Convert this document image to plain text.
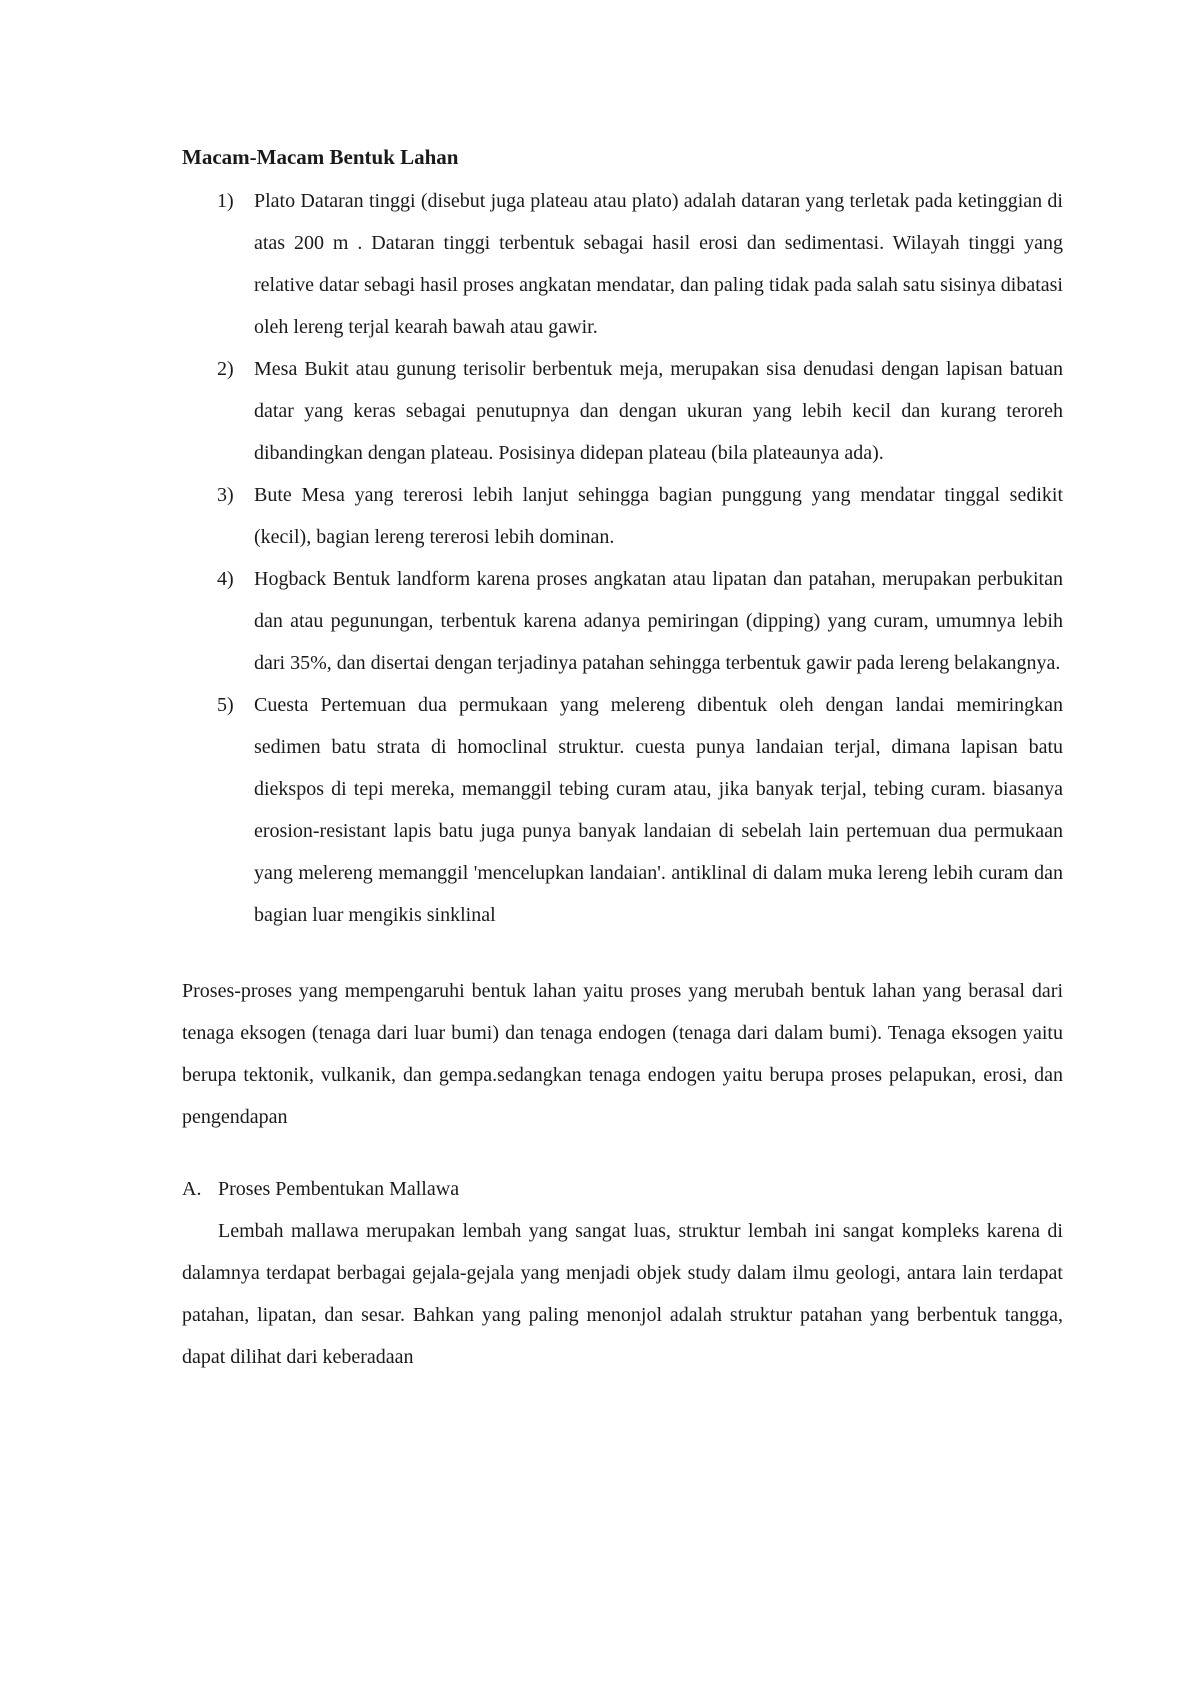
Macam-Macam Bentuk Lahan
1)	Plato Dataran tinggi (disebut juga plateau atau plato) adalah dataran yang terletak pada ketinggian di atas 200 m . Dataran tinggi terbentuk sebagai hasil erosi dan sedimentasi. Wilayah tinggi yang relative datar sebagi hasil proses angkatan mendatar, dan paling tidak pada salah satu sisinya dibatasi oleh lereng terjal kearah bawah atau gawir.
2)	Mesa Bukit atau gunung terisolir berbentuk meja, merupakan sisa denudasi dengan lapisan batuan datar yang keras sebagai penutupnya dan dengan ukuran yang lebih kecil dan kurang teroreh dibandingkan dengan plateau. Posisinya didepan plateau (bila plateaunya ada).
3)	Bute Mesa yang tererosi lebih lanjut sehingga bagian punggung yang mendatar tinggal sedikit (kecil), bagian lereng tererosi lebih dominan.
4)	Hogback Bentuk landform karena proses angkatan atau lipatan dan patahan, merupakan perbukitan dan atau pegunungan, terbentuk karena adanya pemiringan (dipping) yang curam, umumnya lebih dari 35%, dan disertai dengan terjadinya patahan sehingga terbentuk gawir pada lereng belakangnya.
5)	Cuesta Pertemuan dua permukaan yang melereng dibentuk oleh dengan landai memiringkan sedimen batu strata di homoclinal struktur. cuesta punya landaian terjal, dimana lapisan batu diekspos di tepi mereka, memanggil tebing curam atau, jika banyak terjal, tebing curam. biasanya erosion-resistant lapis batu juga punya banyak landaian di sebelah lain pertemuan dua permukaan yang melereng memanggil 'mencelupkan landaian'. antiklinal di dalam muka lereng lebih curam dan bagian luar mengikis sinklinal

Proses-proses yang mempengaruhi bentuk lahan yaitu proses yang merubah bentuk lahan yang berasal dari tenaga eksogen (tenaga dari luar bumi) dan tenaga endogen (tenaga dari dalam bumi). Tenaga eksogen yaitu berupa tektonik, vulkanik, dan gempa.sedangkan tenaga endogen yaitu berupa proses pelapukan, erosi, dan pengendapan

A. Proses Pembentukan Mallawa

Lembah mallawa merupakan lembah yang sangat luas, struktur lembah ini sangat kompleks karena di dalamnya terdapat berbagai gejala-gejala yang menjadi objek study dalam ilmu geologi, antara lain terdapat patahan, lipatan, dan sesar. Bahkan yang paling menonjol adalah struktur patahan yang berbentuk tangga, dapat dilihat dari keberadaan
